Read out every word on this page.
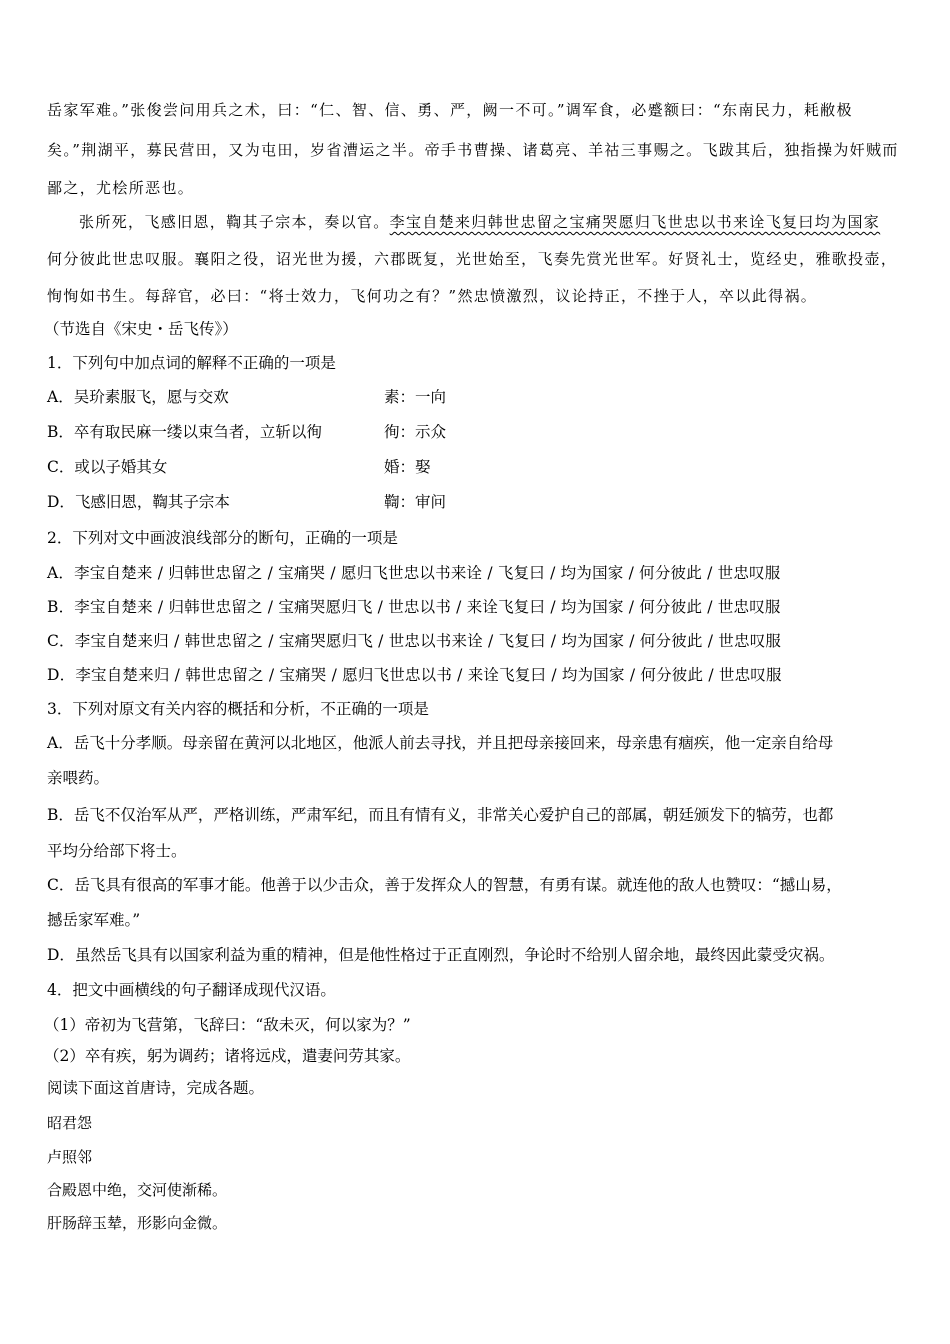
岳家军难。”张俊尝问用兵之术，曰：“仁、智、信、勇、严，阙一不可。”调军食，必蹙额曰：“东南民力，耗敝极
矣。”荆湖平，募民营田，又为屯田，岁省漕运之半。帝手书曹操、诸葛亮、羊祜三事赐之。飞跋其后，独指操为奸贼而
鄙之，尤桧所恶也。
张所死，飞感旧恩，鞫其子宗本，奏以官。李宝自楚来归韩世忠留之宝痛哭愿归飞世忠以书来诠飞复曰均为国家
何分彼此世忠叹服。襄阳之役，诏光世为援，六郡既复，光世始至，飞奏先赏光世军。好贤礼士，览经史，雅歌投壶，
恂恂如书生。每辞官，必曰：“将士效力，飞何功之有？”然忠愤激烈，议论持正，不挫于人，卒以此得祸。
（节选自《宋史・岳飞传》）
1．下列句中加点词的解释不正确的一项是
A．吴玠素服飞，愿与交欢	素：一向
B．卒有取民麻一缕以束刍者，立斩以徇	徇：示众
C．或以子婚其女	婚：娶
D．飞感旧恩，鞫其子宗本	鞫：审问
2．下列对文中画波浪线部分的断句，正确的一项是
A．李宝自楚来 / 归韩世忠留之 / 宝痛哭 / 愿归飞世忠以书来诠 / 飞复曰 / 均为国家 / 何分彼此 / 世忠叹服
B．李宝自楚来 / 归韩世忠留之 / 宝痛哭愿归飞 / 世忠以书 / 来诠飞复曰 / 均为国家 / 何分彼此 / 世忠叹服
C．李宝自楚来归 / 韩世忠留之 / 宝痛哭愿归飞 / 世忠以书来诠 / 飞复曰 / 均为国家 / 何分彼此 / 世忠叹服
D．李宝自楚来归 / 韩世忠留之 / 宝痛哭 / 愿归飞世忠以书 / 来诠飞复曰 / 均为国家 / 何分彼此 / 世忠叹服
3．下列对原文有关内容的概括和分析，不正确的一项是
A．岳飞十分孝顺。母亲留在黄河以北地区，他派人前去寻找，并且把母亲接回来，母亲患有痼疾，他一定亲自给母
亲喂药。
B．岳飞不仅治军从严，严格训练，严肃军纪，而且有情有义，非常关心爱护自己的部属，朝廷颁发下的犒劳，也都
平均分给部下将士。
C．岳飞具有很高的军事才能。他善于以少击众，善于发挥众人的智慧，有勇有谋。就连他的敌人也赞叹：“撼山易，
撼岳家军难。”
D．虽然岳飞具有以国家利益为重的精神，但是他性格过于正直刚烈，争论时不给别人留余地，最终因此蒙受灾祸。
4．把文中画横线的句子翻译成现代汉语。
（1）帝初为飞营第，飞辞曰：“敌未灭，何以家为？”
（2）卒有疾，躬为调药；诸将远戍，遣妻问劳其家。
阅读下面这首唐诗，完成各题。
昭君怨
卢照邻
合殿恩中绝，交河使渐稀。
肝肠辞玉辇，形影向金微。
